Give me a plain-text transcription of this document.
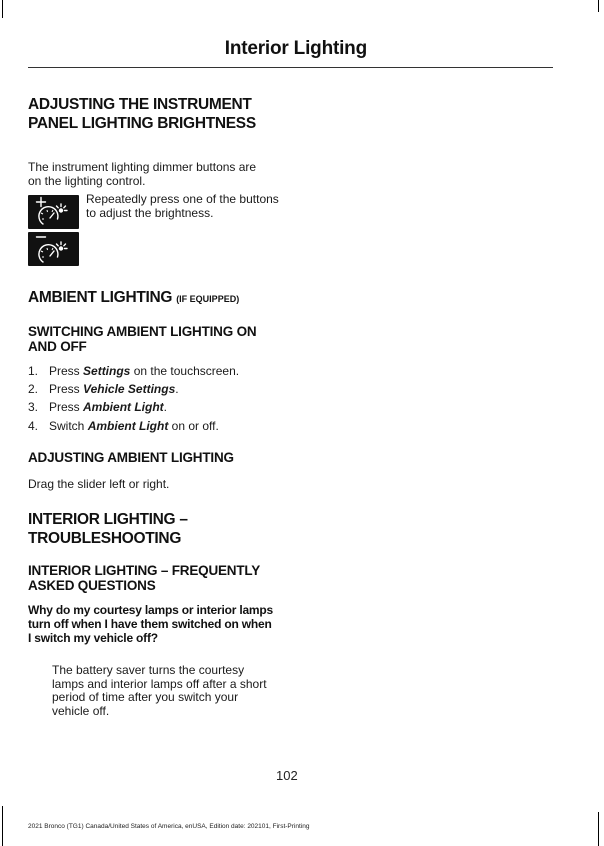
Interior Lighting
ADJUSTING THE INSTRUMENT PANEL LIGHTING BRIGHTNESS

The instrument lighting dimmer buttons are on the lighting control.

Repeatedly press one of the buttons to adjust the brightness.

AMBIENT LIGHTING (IF EQUIPPED)
SWITCHING AMBIENT LIGHTING ON AND OFF
1. Press Settings on the touchscreen.
2. Press Vehicle Settings.
3. Press Ambient Light.
4. Switch Ambient Light on or off.
ADJUSTING AMBIENT LIGHTING

Drag the slider left or right.

INTERIOR LIGHTING – TROUBLESHOOTING
INTERIOR LIGHTING – FREQUENTLY ASKED QUESTIONS

Why do my courtesy lamps or interior lamps turn off when I have them switched on when I switch my vehicle off?

The battery saver turns the courtesy lamps and interior lamps off after a short period of time after you switch your vehicle off.

102
2021 Bronco (TG1) Canada/United States of America, enUSA, Edition date: 202101, First-Printing
